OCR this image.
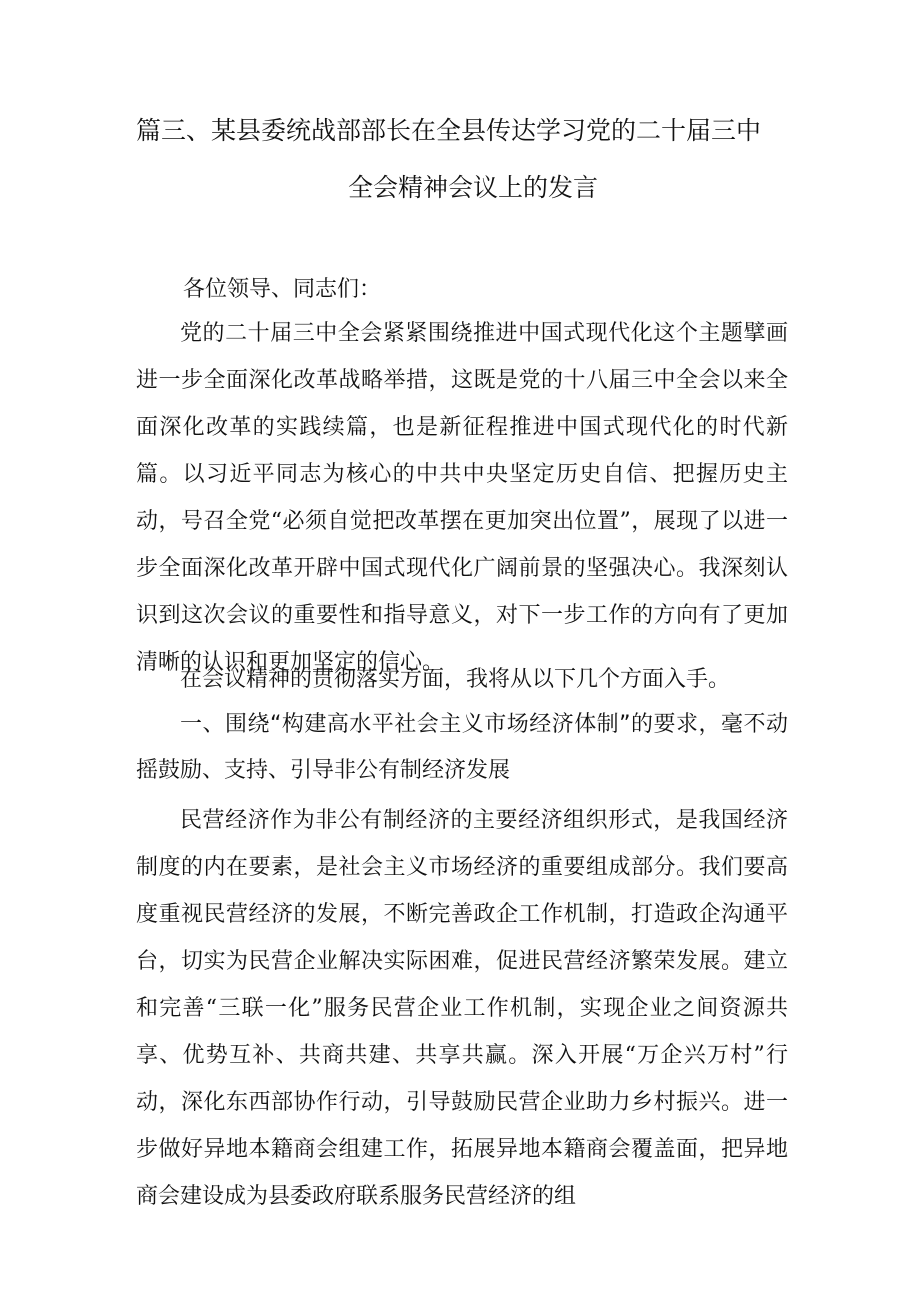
篇三、某县委统战部部长在全县传达学习党的二十届三中
全会精神会议上的发言
各位领导、同志们：
党的二十届三中全会紧紧围绕推进中国式现代化这个主题擘画进一步全面深化改革战略举措，这既是党的十八届三中全会以来全面深化改革的实践续篇，也是新征程推进中国式现代化的时代新篇。以习近平同志为核心的中共中央坚定历史自信、把握历史主动，号召全党“必须自觉把改革摆在更加突出位置”，展现了以进一步全面深化改革开辟中国式现代化广阔前景的坚强决心。我深刻认识到这次会议的重要性和指导意义，对下一步工作的方向有了更加清晰的认识和更加坚定的信心。
在会议精神的贯彻落实方面，我将从以下几个方面入手。
一、围绕“构建高水平社会主义市场经济体制”的要求，毫不动摇鼓励、支持、引导非公有制经济发展
民营经济作为非公有制经济的主要经济组织形式，是我国经济制度的内在要素，是社会主义市场经济的重要组成部分。我们要高度重视民营经济的发展，不断完善政企工作机制，打造政企沟通平台，切实为民营企业解决实际困难，促进民营经济繁荣发展。建立和完善“三联一化”服务民营企业工作机制，实现企业之间资源共享、优势互补、共商共建、共享共赢。深入开展“万企兴万村”行动，深化东西部协作行动，引导鼓励民营企业助力乡村振兴。进一步做好异地本籍商会组建工作，拓展异地本籍商会覆盖面，把异地商会建设成为县委政府联系服务民营经济的组
